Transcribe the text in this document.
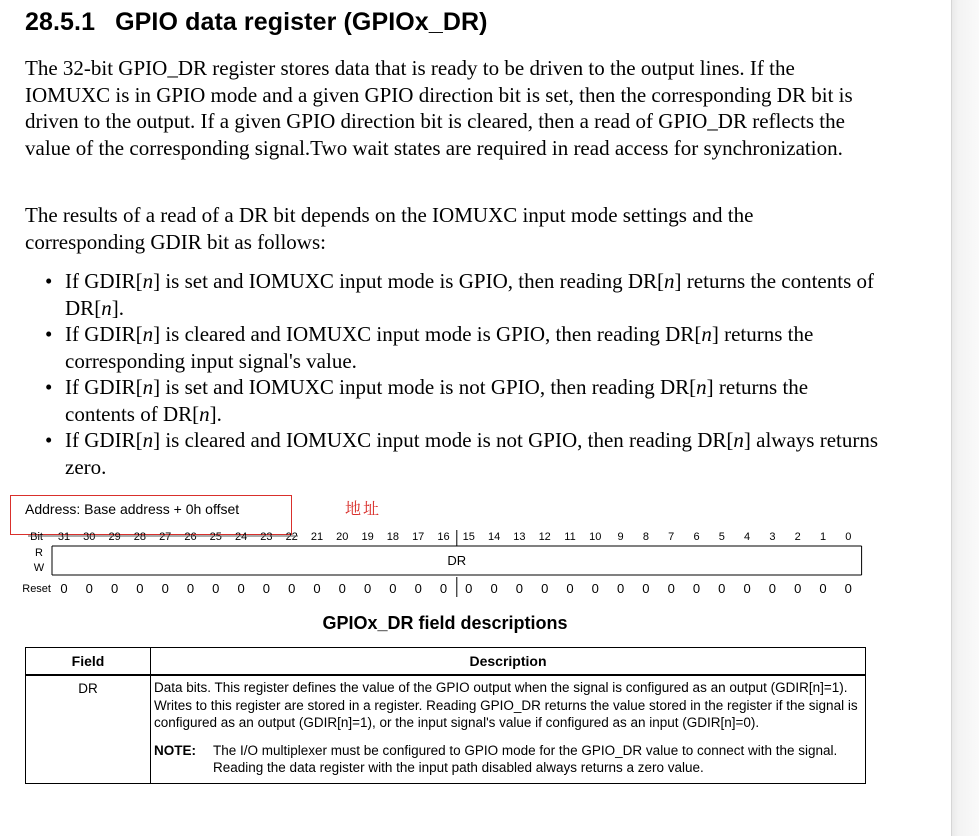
28.5.1 GPIO data register (GPIOx_DR)

The 32-bit GPIO_DR register stores data that is ready to be driven to the output lines. If the IOMUXC is in GPIO mode and a given GPIO direction bit is set, then the corresponding DR bit is driven to the output. If a given GPIO direction bit is cleared, then a read of GPIO_DR reflects the value of the corresponding signal.Two wait states are required in read access for synchronization.

The results of a read of a DR bit depends on the IOMUXC input mode settings and the corresponding GDIR bit as follows:

• If GDIR[n] is set and IOMUXC input mode is GPIO, then reading DR[n] returns the contents of DR[n].
• If GDIR[n] is cleared and IOMUXC input mode is GPIO, then reading DR[n] returns the corresponding input signal's value.
• If GDIR[n] is set and IOMUXC input mode is not GPIO, then reading DR[n] returns the contents of DR[n].
• If GDIR[n] is cleared and IOMUXC input mode is not GPIO, then reading DR[n] always returns zero.
Address: Base address + 0h offset	地址
Bit 31 30 29 28 27 26 25 24 23 22 21 20 19 18 17 16 15 14 13 12 11 10 9 8 7 6 5 4 3 2 1 0
R
W	DR
Reset 0 0 0 0 0 0 0 0 0 0 0 0 0 0 0 0 0 0 0 0 0 0 0 0 0 0 0 0 0 0 0 0
GPIOx_DR field descriptions
Field	Description
DR	Data bits. This register defines the value of the GPIO output when the signal is configured as an output (GDIR[n]=1). Writes to this register are stored in a register. Reading GPIO_DR returns the value stored in the register if the signal is configured as an output (GDIR[n]=1), or the input signal's value if configured as an input (GDIR[n]=0).

NOTE: The I/O multiplexer must be configured to GPIO mode for the GPIO_DR value to connect with the signal. Reading the data register with the input path disabled always returns a zero value.
